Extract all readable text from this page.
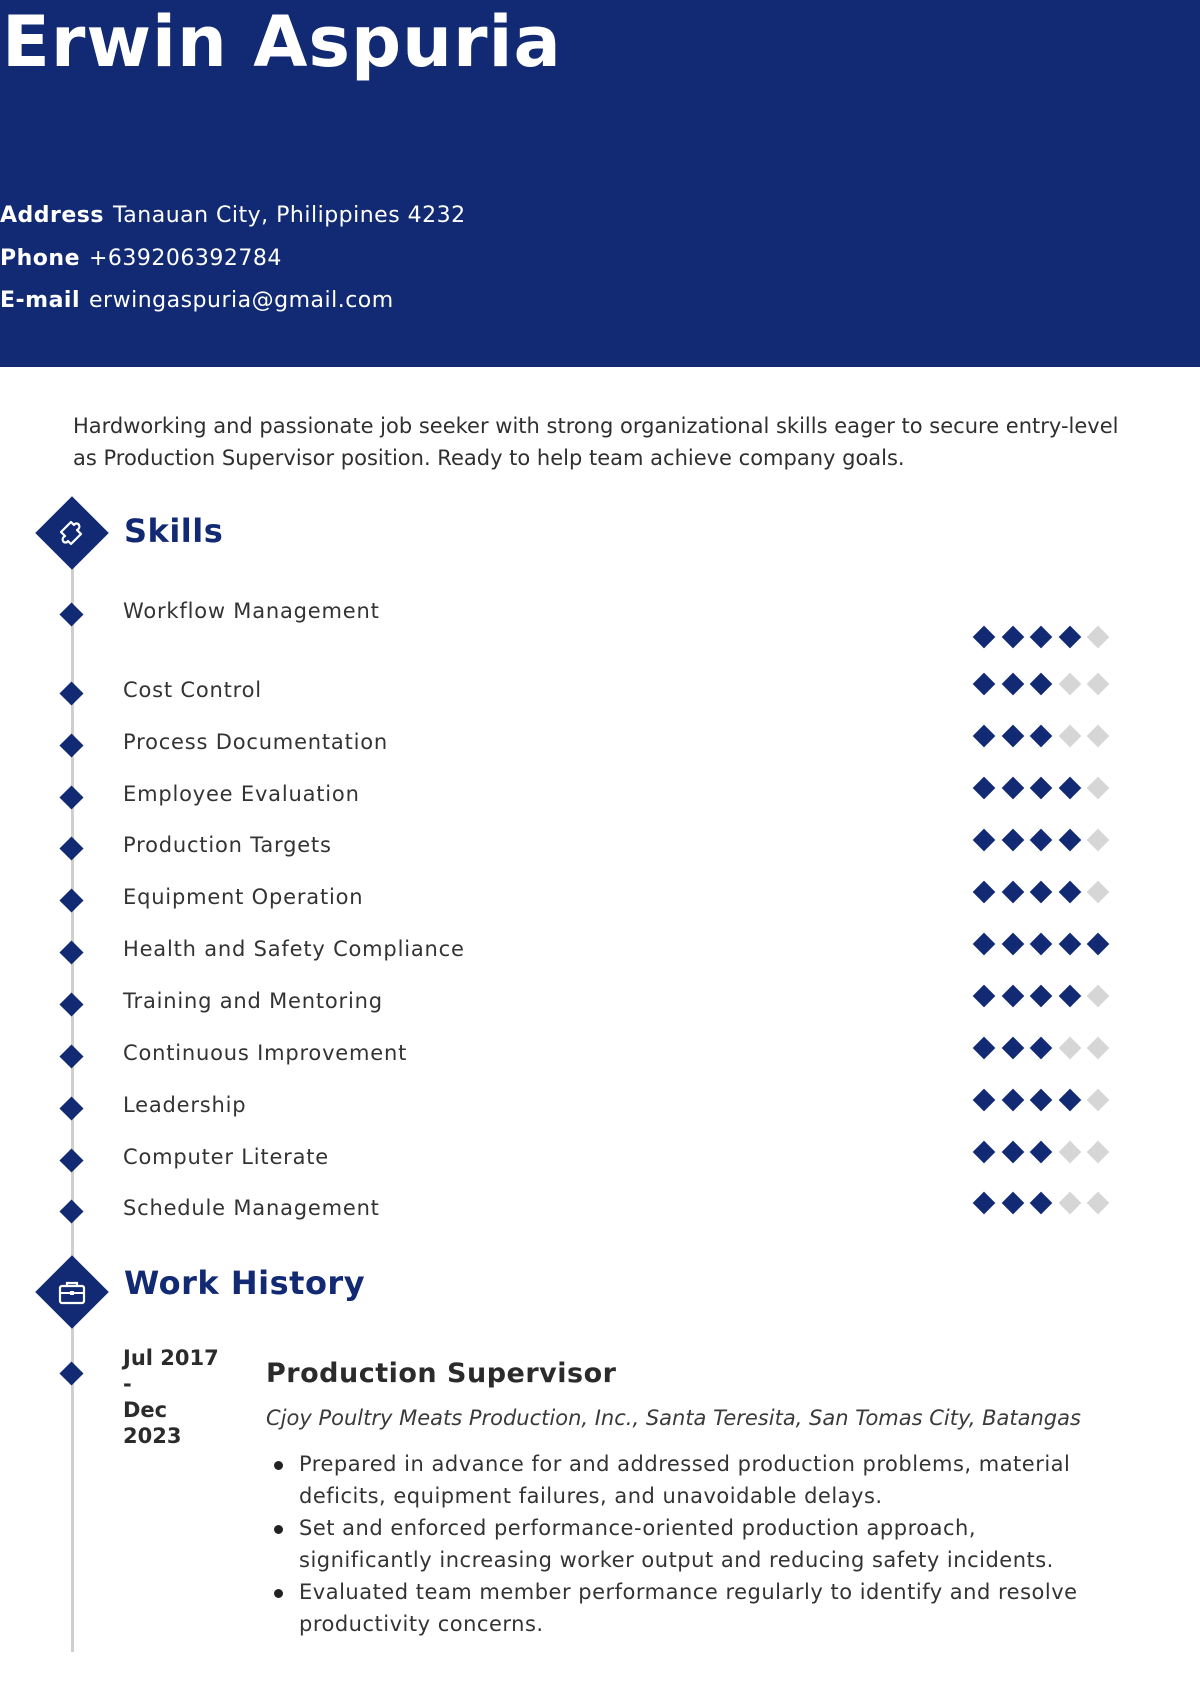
Erwin Aspuria
Address Tanauan City, Philippines 4232
Phone +639206392784
E-mail erwingaspuria@gmail.com

Hardworking and passionate job seeker with strong organizational skills eager to secure entry-level as Production Supervisor position. Ready to help team achieve company goals.

Skills
Workflow Management
Cost Control
Process Documentation
Employee Evaluation
Production Targets
Equipment Operation
Health and Safety Compliance
Training and Mentoring
Continuous Improvement
Leadership
Computer Literate
Schedule Management
Work History
Jul 2017
-
Dec
2023
Production Supervisor
Cjoy Poultry Meats Production, Inc., Santa Teresita, San Tomas City, Batangas
Prepared in advance for and addressed production problems, material deficits, equipment failures, and unavoidable delays.
Set and enforced performance-oriented production approach, significantly increasing worker output and reducing safety incidents.
Evaluated team member performance regularly to identify and resolve productivity concerns.
